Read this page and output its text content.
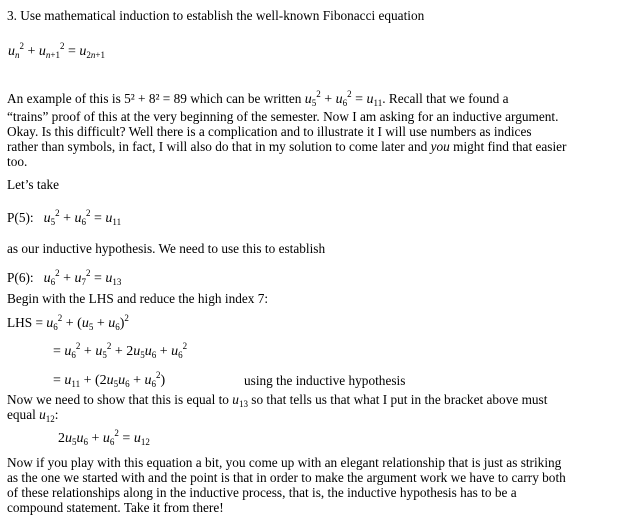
3. Use mathematical induction to establish the well-known Fibonacci equation
$u_n^2 + u_{n+1}^2 = u_{2n+1}$
An example of this is 5² + 8² = 89 which can be written $u_5^2 + u_6^2 = u_{11}$. Recall that we found a
“trains” proof of this at the very beginning of the semester. Now I am asking for an inductive argument.
Okay. Is this difficult? Well there is a complication and to illustrate it I will use numbers as indices
rather than symbols, in fact, I will also do that in my solution to come later and you might find that easier
too.
Let’s take
P(5): $u_5^2 + u_6^2 = u_{11}$
as our inductive hypothesis. We need to use this to establish
P(6): $u_6^2 + u_7^2 = u_{13}$
Begin with the LHS and reduce the high index 7:
LHS = $u_6^2 + (u_5 + u_6)^2$
= $u_6^2 + u_5^2 + 2u_5u_6 + u_6^2$
= $u_{11} + (2u_5u_6 + u_6^2)$	using the inductive hypothesis
Now we need to show that this is equal to $u_{13}$ so that tells us that what I put in the bracket above must
equal $u_{12}$:
$2u_5u_6 + u_6^2 = u_{12}$
Now if you play with this equation a bit, you come up with an elegant relationship that is just as striking
as the one we started with and the point is that in order to make the argument work we have to carry both
of these relationships along in the inductive process, that is, the inductive hypothesis has to be a
compound statement. Take it from there!
